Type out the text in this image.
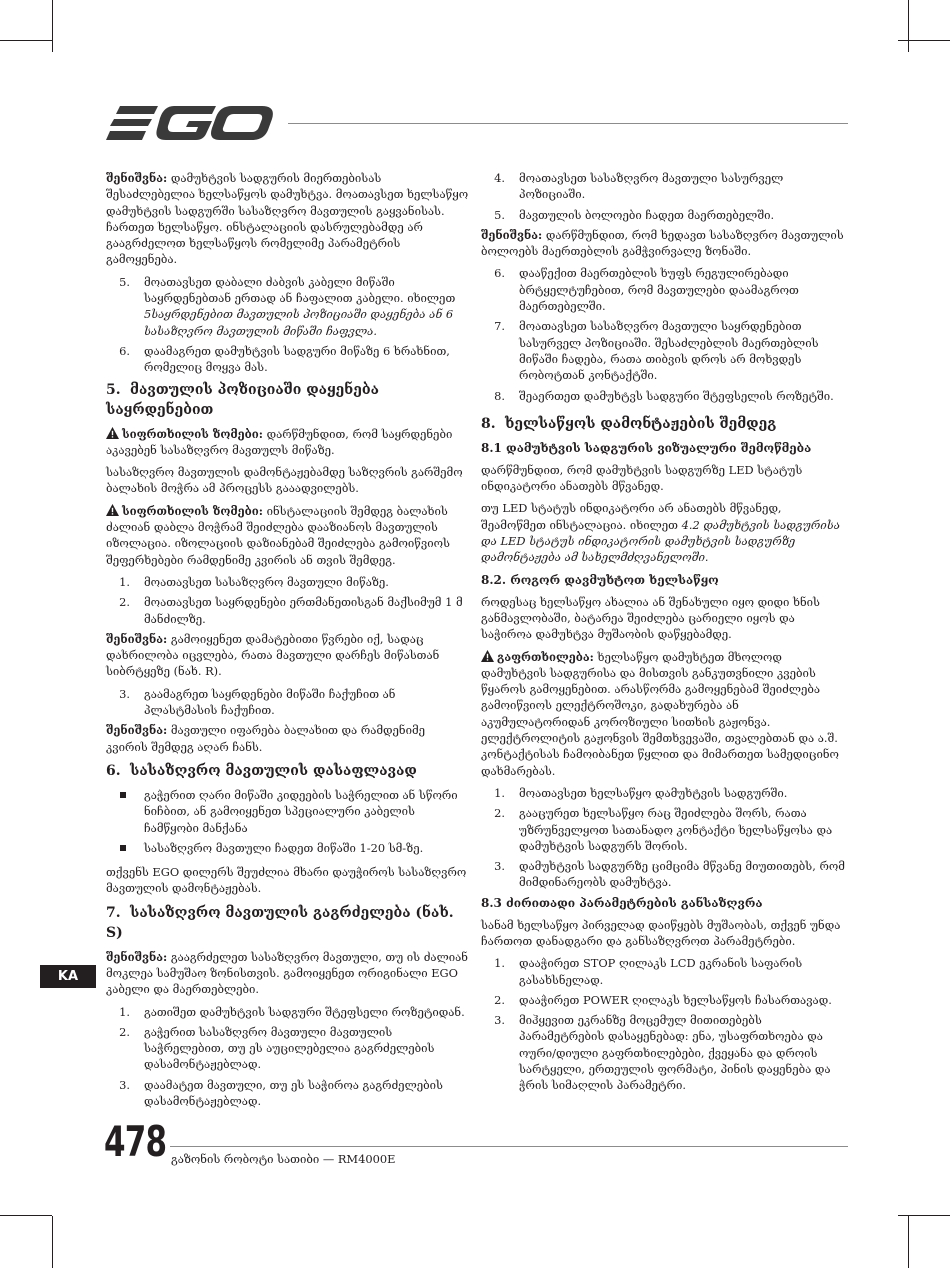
შენიშვნა: დამუხტვის სადგურის მიერთებისას შესაძლებელია ხელსაწყოს დამუხტვა. მოათავსეთ ხელსაწყო დამუხტვის სადგურში სასაზღვრო მავთულის გაყვანისას. ჩართეთ ხელსაწყო. ინსტალაციის დასრულებამდე არ გააგრძელოთ ხელსაწყოს რომელიმე პარამეტრის გამოყენება.

5.	მოათავსეთ დაბალი ძაბვის კაბელი მიწაში საყრდენებთან ერთად ან ჩაფალით კაბელი. იხილეთ 5საყრდენებით მავთულის პოზიციაში დაყენება ან 6 სასაზღვრო მავთულის მიწაში ჩაფვლა.
6.	დაამაგრეთ დამუხტვის სადგური მიწაზე 6 ხრახნით, რომელიც მოყვა მას.
5. მავთულის პოზიციაში დაყენება საყრდენებით

სიფრთხილის ზომები: დარწმუნდით, რომ საყრდენები აკავებენ სასაზღვრო მავთულს მიწაზე.

სასაზღვრო მავთულის დამონტაჟებამდე საზღვრის გარშემო ბალახის მოჭრა ამ პროცესს გააადვილებს.

სიფრთხილის ზომები: ინსტალაციის შემდეგ ბალახის ძალიან დაბლა მოჭრამ შეიძლება დააზიანოს მავთულის იზოლაცია. იზოლაციის დაზიანებამ შეიძლება გამოიწვიოს შეფერხებები რამდენიმე კვირის ან თვის შემდეგ.

1.	მოათავსეთ სასაზღვრო მავთული მიწაზე.
2.	მოათავსეთ საყრდენები ერთმანეთისგან მაქსიმუმ 1 მ მანძილზე.

შენიშვნა: გამოიყენეთ დამატებითი წვრები იქ, სადაც დახრილობა იცვლება, რათა მავთული დარჩეს მიწასთან სიბრტყეზე (ნახ. R).

3.	გაამაგრეთ საყრდენები მიწაში ჩაქუჩით ან პლასტმასის ჩაქუჩით.

შენიშვნა: მავთული იფარება ბალახით და რამდენიმე კვირის შემდეგ აღარ ჩანს.

6. სასაზღვრო მავთულის დასაფლავად
გაჭერით ღარი მიწაში კიდეების საჭრელით ან სწორი ნიჩბით, ან გამოიყენეთ სპეციალური კაბელის ჩამწყობი მანქანა
სასაზღვრო მავთული ჩადეთ მიწაში 1-20 სმ-ზე.

თქვენს EGO დილერს შეუძლია მხარი დაუჭიროს სასაზღვრო მავთულის დამონტაჟებას.

7. სასაზღვრო მავთულის გაგრძელება (ნახ. S)

შენიშვნა: გააგრძელეთ სასაზღვრო მავთული, თუ ის ძალიან მოკლეა სამუშაო ზონისთვის. გამოიყენეთ ორიგინალი EGO კაბელი და მაერთებლები.

1.	გათიშეთ დამუხტვის სადგური შტეფსელი როზეტიდან.
2.	გაჭერით სასაზღვრო მავთული მავთულის საჭრელებით, თუ ეს აუცილებელია გაგრძელების დასამონტაჟებლად.
3.	დაამატეთ მავთული, თუ ეს საჭიროა გაგრძელების დასამონტაჟებლად.
4.	მოათავსეთ სასაზღვრო მავთული სასურველ პოზიციაში.
5.	მავთულის ბოლოები ჩადეთ მაერთებელში.

შენიშვნა: დარწმუნდით, რომ ხედავთ სასაზღვრო მავთულის ბოლოებს მაერთებლის გამჭვირვალე ზონაში.

6.	დააწექით მაერთებლის ხუფს რეგულირებადი ბრტყელტუჩებით, რომ მავთულები დაამაგროთ მაერთებელში.
7.	მოათავსეთ სასაზღვრო მავთული საყრდენებით სასურველ პოზიციაში. შესაძლებლის მაერთებლის მიწაში ჩადება, რათა თიბვის დროს არ მოხვდეს რობოტთან კონტაქტში.
8.	შეაერთეთ დამუხტვს სადგური შტეფსელის როზეტში.
8. ხელსაწყოს დამონტაჟების შემდეგ
8.1 დამუხტვის სადგურის ვიზუალური შემოწმება

დარწმუნდით, რომ დამუხტვის სადგურზე LED სტატუს ინდიკატორი ანათებს მწვანედ.

თუ LED სტატუს ინდიკატორი არ ანათებს მწვანედ, შეამოწმეთ ინსტალაცია. იხილეთ 4.2 დამუხტვის სადგურისა და LED სტატუს ინდიკატორის დამუხტვის სადგურზე დამონტაჟება ამ სახელმძღვანელოში.

8.2. როგორ დავმუხტოთ ხელსაწყო

როდესაც ხელსაწყო ახალია ან შენახული იყო დიდი ხნის განმავლობაში, ბატარეა შეიძლება ცარიელი იყოს და საჭიროა დამუხტვა მუშაობის დაწყებამდე.

გაფრთხილება: ხელსაწყო დამუხტეთ მხოლოდ დამუხტვის სადგურისა და მისთვის განკუთვნილი კვების წყაროს გამოყენებით. არასწორმა გამოყენებამ შეიძლება გამოიწვიოს ელექტროშოკი, გადახურება ან აკუმულატორიდან კოროზიული სითხის გაჟონვა. ელექტროლიტის გაჟონვის შემთხვევაში, თვალებთან და ა.შ. კონტაქტისას ჩამოიბანეთ წყლით და მიმართეთ სამედიცინო დახმარებას.

1.	მოათავსეთ ხელსაწყო დამუხტვის სადგურში.
2.	გააცურეთ ხელსაწყო რაც შეიძლება შორს, რათა უზრუნველყოთ სათანადო კონტაქტი ხელსაწყოსა და დამუხტვის სადგურს შორის.
3.	დამუხტვის სადგურზე ციმციმა მწვანე მიუთითებს, რომ მიმდინარეობს დამუხტვა.
8.3 ძირითადი პარამეტრების განსაზღვრა

სანამ ხელსაწყო პირველად დაიწყებს მუშაობას, თქვენ უნდა ჩართოთ დანადგარი და განსაზღვროთ პარამეტრები.

1.	დააჭირეთ STOP ღილაკს LCD ეკრანის საფარის გასახსნელად.
2.	დააჭირეთ POWER ღილაკს ხელსაწყოს ჩასართავად.
3.	მიჰყევით ეკრანზე მოცემულ მითითებებს პარამეტრების დასაყენებად: ენა, უსაფრთხოება და ოური/დიული გაფრთხილებები, ქვეყანა და დროის სარტყელი, ერთეულის ფორმატი, პინის დაყენება და ჭრის სიმაღლის პარამეტრი.
KA
478 გაზონის რობოტი სათიბი — RM4000E
